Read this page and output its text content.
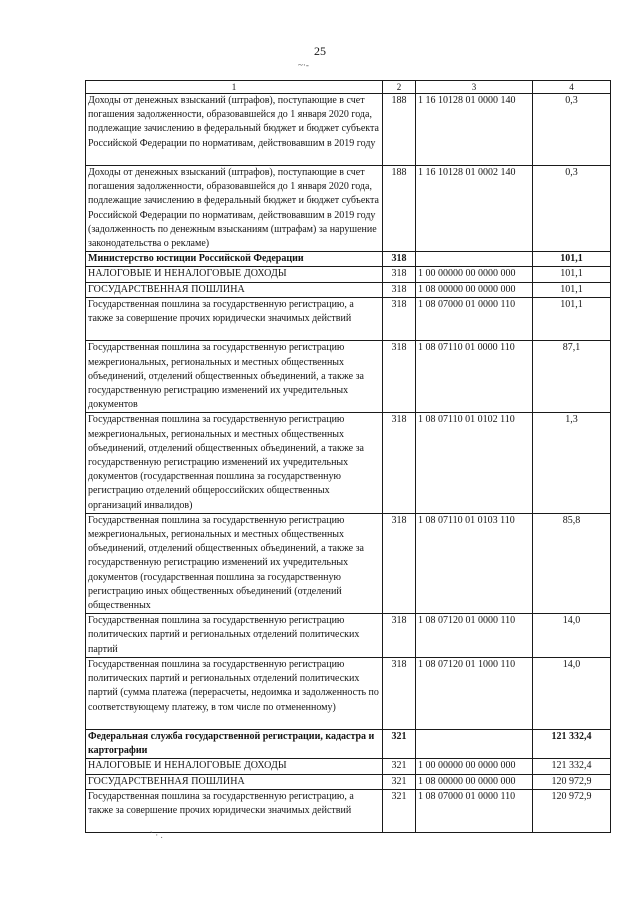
25
~·-
1	2	3	4
Доходы от денежных взысканий (штрафов), поступающие в счет погашения задолженности, образовавшейся до 1 января 2020 года, подлежащие зачислению в федеральный бюджет и бюджет субъекта Российской Федерации по нормативам, действовавшим в 2019 году	188	1 16 10128 01 0000 140	0,3
Доходы от денежных взысканий (штрафов), поступающие в счет погашения задолженности, образовавшейся до 1 января 2020 года, подлежащие зачислению в федеральный бюджет и бюджет субъекта Российской Федерации по нормативам, действовавшим в 2019 году (задолженность по денежным взысканиям (штрафам) за нарушение законодательства о рекламе)	188	1 16 10128 01 0002 140	0,3
Министерство юстиции Российской Федерации	318		101,1
НАЛОГОВЫЕ И НЕНАЛОГОВЫЕ ДОХОДЫ	318	1 00 00000 00 0000 000	101,1
ГОСУДАРСТВЕННАЯ ПОШЛИНА	318	1 08 00000 00 0000 000	101,1
Государственная пошлина за государственную регистрацию, а также за совершение прочих юридически значимых действий	318	1 08 07000 01 0000 110	101,1
Государственная пошлина за государственную регистрацию межрегиональных, региональных и местных общественных объединений, отделений общественных объединений, а также за государственную регистрацию изменений их учредительных документов	318	1 08 07110 01 0000 110	87,1
Государственная пошлина за государственную регистрацию межрегиональных, региональных и местных общественных объединений, отделений общественных объединений, а также за государственную регистрацию изменений их учредительных документов (государственная пошлина за государственную регистрацию отделений общероссийских общественных организаций инвалидов)	318	1 08 07110 01 0102 110	1,3
Государственная пошлина за государственную регистрацию межрегиональных, региональных и местных общественных объединений, отделений общественных объединений, а также за государственную регистрацию изменений их учредительных документов (государственная пошлина за государственную регистрацию иных общественных объединений (отделений общественных	318	1 08 07110 01 0103 110	85,8
Государственная пошлина за государственную регистрацию политических партий и региональных отделений политических партий	318	1 08 07120 01 0000 110	14,0
Государственная пошлина за государственную регистрацию политических партий и региональных отделений политических партий (сумма платежа (перерасчеты, недоимка и задолженность по соответствующему платежу, в том числе по отмененному)	318	1 08 07120 01 1000 110	14,0
Федеральная служба государственной регистрации, кадастра и картографии	321		121 332,4
НАЛОГОВЫЕ И НЕНАЛОГОВЫЕ ДОХОДЫ	321	1 00 00000 00 0000 000	121 332,4
ГОСУДАРСТВЕННАЯ ПОШЛИНА	321	1 08 00000 00 0000 000	120 972,9
Государственная пошлина за государственную регистрацию, а также за совершение прочих юридически значимых действий	321	1 08 07000 01 0000 110	120 972,9
` · .
